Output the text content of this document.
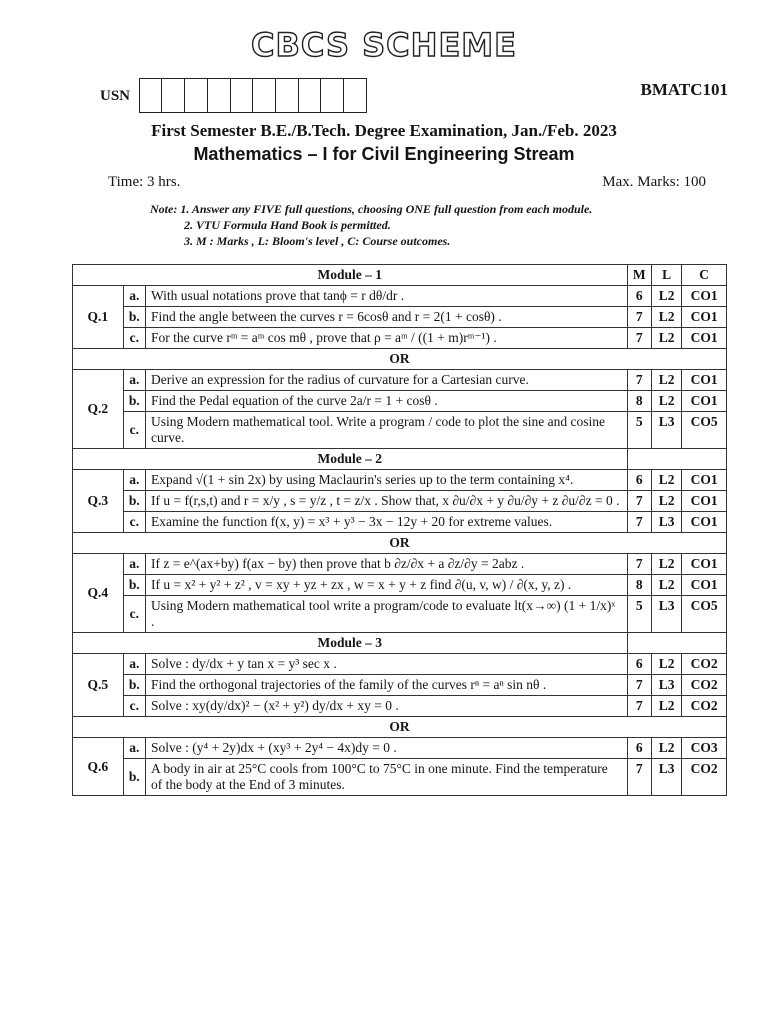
CBCS SCHEME
USN	BMATC101
First Semester B.E./B.Tech. Degree Examination, Jan./Feb. 2023
Mathematics – I for Civil Engineering Stream
Time: 3 hrs.	Max. Marks: 100
Note: 1. Answer any FIVE full questions, choosing ONE full question from each module.
2. VTU Formula Hand Book is permitted.
3. M : Marks , L: Bloom's level , C: Course outcomes.
Module – 1			M	L	C
Q.1	a.	With usual notations prove that tanϕ = r dθ/dr .	6	L2	CO1
	b.	Find the angle between the curves r = 6cosθ and r = 2(1 + cosθ) .	7	L2	CO1
	c.	For the curve rᵐ = aᵐ cos mθ , prove that ρ = aᵐ / ((1 + m)rᵐ⁻¹) .	7	L2	CO1
OR					
Q.2	a.	Derive an expression for the radius of curvature for a Cartesian curve.	7	L2	CO1
	b.	Find the Pedal equation of the curve 2a/r = 1 + cosθ .	8	L2	CO1
	c.	Using Modern mathematical tool. Write a program / code to plot the sine and cosine curve.	5	L3	CO5
Module – 2					
Q.3	a.	Expand √(1 + sin 2x) by using Maclaurin's series up to the term containing x⁴.	6	L2	CO1
	b.	If u = f(r,s,t) and r = x/y , s = y/z , t = z/x . Show that, x ∂u/∂x + y ∂u/∂y + z ∂u/∂z = 0 .	7	L2	CO1
	c.	Examine the function f(x, y) = x³ + y³ − 3x − 12y + 20 for extreme values.	7	L3	CO1
OR					
Q.4	a.	If z = e^(ax+by) f(ax − by) then prove that b ∂z/∂x + a ∂z/∂y = 2abz .	7	L2	CO1
	b.	If u = x² + y² + z² , v = xy + yz + zx , w = x + y + z find ∂(u, v, w) / ∂(x, y, z) .	8	L2	CO1
	c.	Using Modern mathematical tool write a program/code to evaluate lt(x→∞) (1 + 1/x)ˣ .	5	L3	CO5
Module – 3					
Q.5	a.	Solve : dy/dx + y tan x = y³ sec x .	6	L2	CO2
	b.	Find the orthogonal trajectories of the family of the curves rⁿ = aⁿ sin nθ .	7	L3	CO2
	c.	Solve : xy(dy/dx)² − (x² + y²) dy/dx + xy = 0 .	7	L2	CO2
OR					
Q.6	a.	Solve : (y⁴ + 2y)dx + (xy³ + 2y⁴ − 4x)dy = 0 .	6	L2	CO3
	b.	A body in air at 25°C cools from 100°C to 75°C in one minute. Find the temperature of the body at the End of 3 minutes.	7	L3	CO2
